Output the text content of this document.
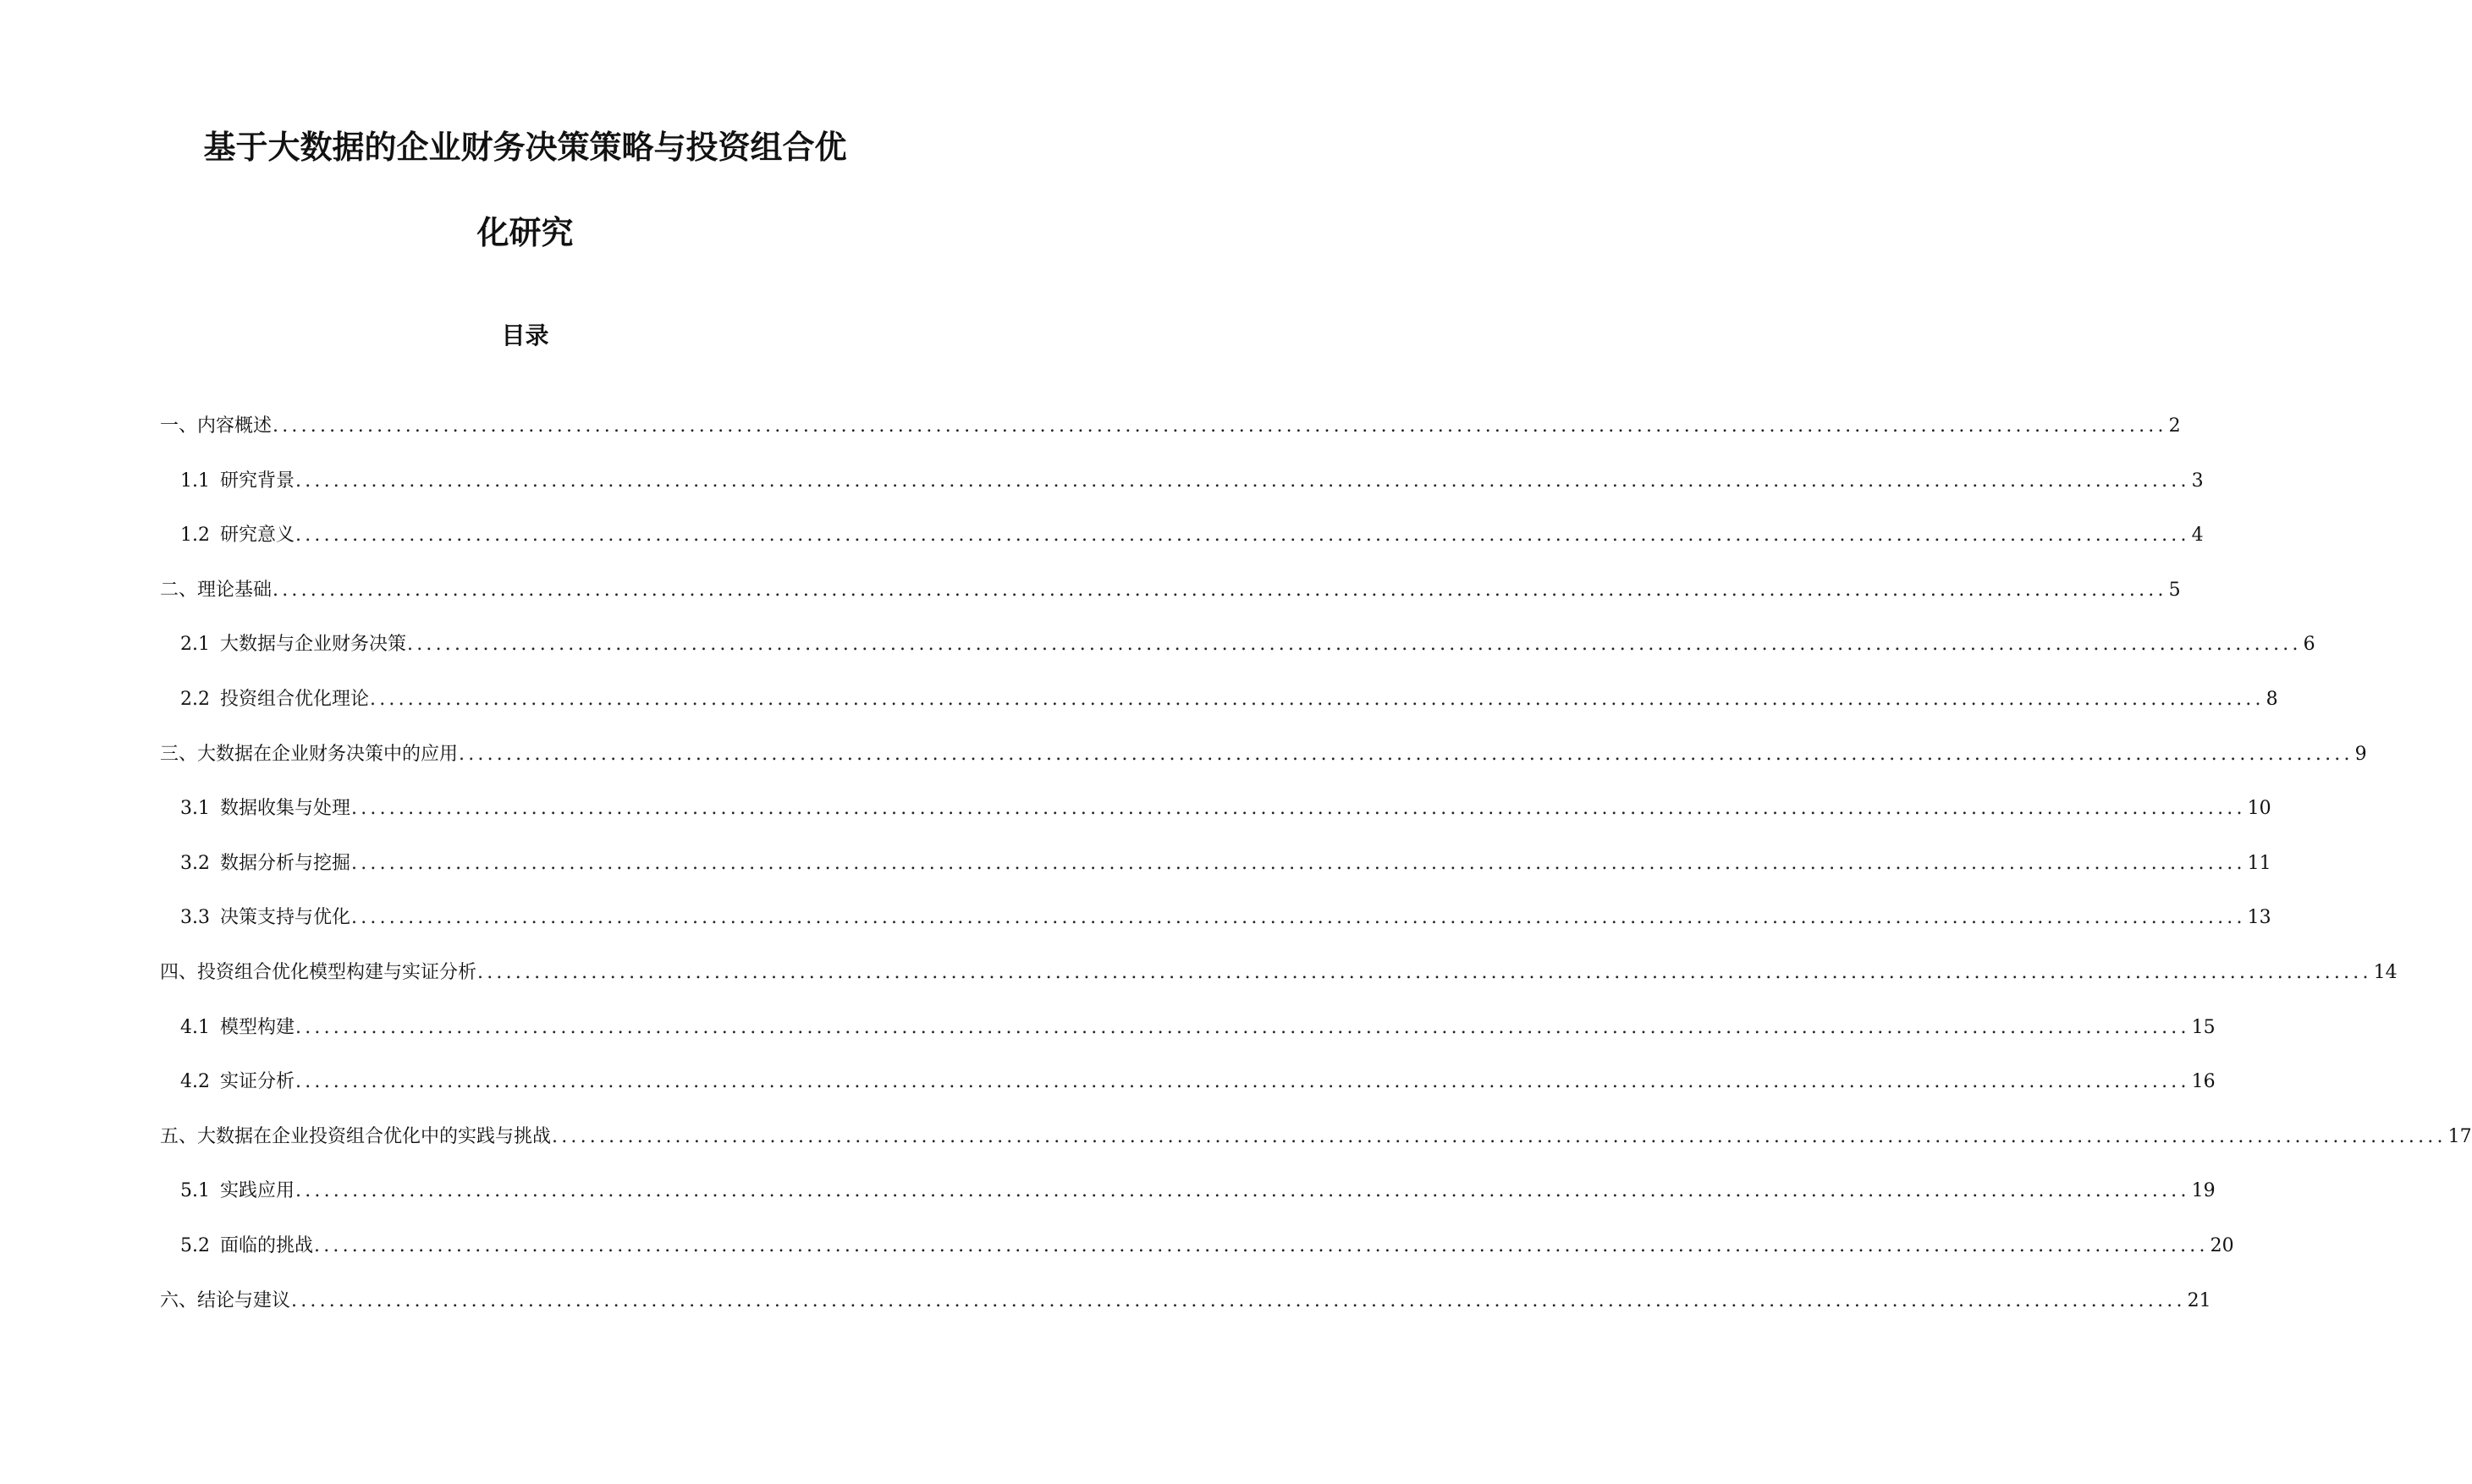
基于大数据的企业财务决策策略与投资组合优
化研究
目录
一、内容概述 ........................................................................................................................................................................................................ 2
1.1 研究背景 ........................................................................................................................................................................................................ 3
1.2 研究意义 ........................................................................................................................................................................................................ 4
二、理论基础 ........................................................................................................................................................................................................ 5
2.1 大数据与企业财务决策 ........................................................................................................................................................................................................ 6
2.2 投资组合优化理论 ........................................................................................................................................................................................................ 8
三、大数据在企业财务决策中的应用 ........................................................................................................................................................................................................ 9
3.1 数据收集与处理 ........................................................................................................................................................................................................ 10
3.2 数据分析与挖掘 ........................................................................................................................................................................................................ 11
3.3 决策支持与优化 ........................................................................................................................................................................................................ 13
四、投资组合优化模型构建与实证分析 ........................................................................................................................................................................................................ 14
4.1 模型构建 ........................................................................................................................................................................................................ 15
4.2 实证分析 ........................................................................................................................................................................................................ 16
五、大数据在企业投资组合优化中的实践与挑战 ........................................................................................................................................................................................................ 17
5.1 实践应用 ........................................................................................................................................................................................................ 19
5.2 面临的挑战 ........................................................................................................................................................................................................ 20
六、结论与建议 ........................................................................................................................................................................................................ 21
